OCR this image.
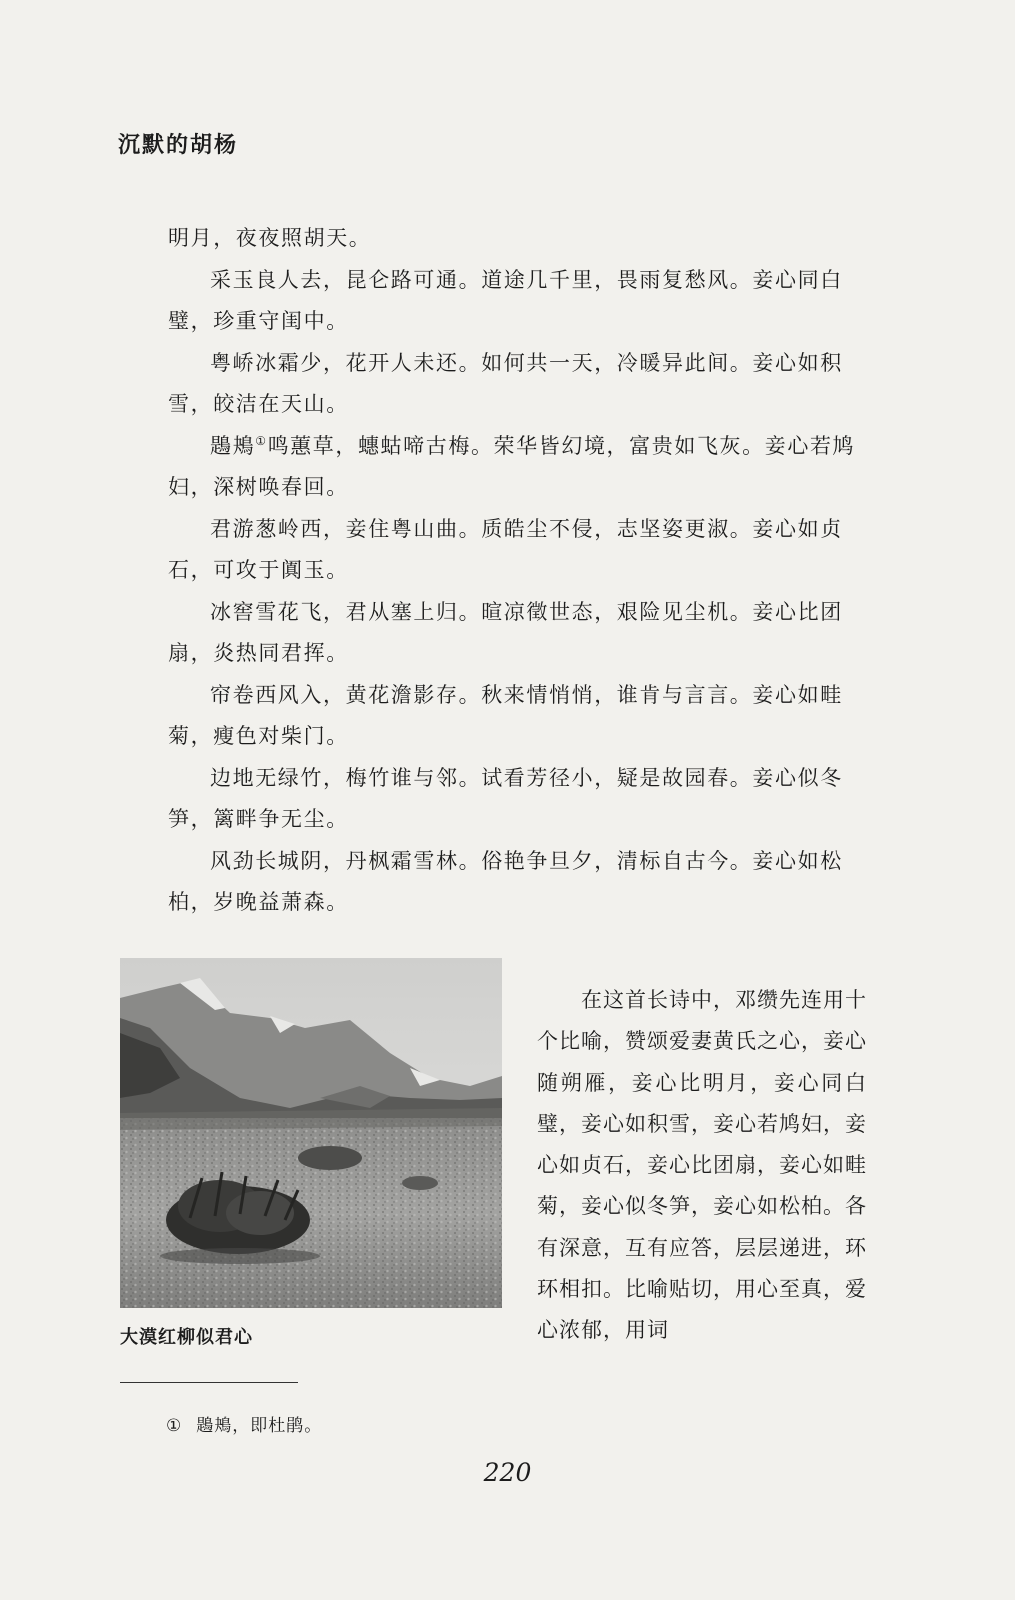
沉默的胡杨

明月，夜夜照胡天。

采玉良人去，昆仑路可通。道途几千里，畏雨复愁风。妾心同白璧，珍重守闺中。

粤峤冰霜少，花开人未还。如何共一天，冷暖异此间。妾心如积雪，皎洁在天山。

鶗鴂①鸣蕙草，蟪蛄啼古梅。荣华皆幻境，富贵如飞灰。妾心若鸠妇，深树唤春回。

君游葱岭西，妾住粤山曲。质皓尘不侵，志坚姿更淑。妾心如贞石，可攻于阗玉。

冰窖雪花飞，君从塞上归。暄凉徵世态，艰险见尘机。妾心比团扇，炎热同君挥。

帘卷西风入，黄花澹影存。秋来情悄悄，谁肯与言言。妾心如畦菊，瘦色对柴门。

边地无绿竹，梅竹谁与邻。试看芳径小，疑是故园春。妾心似冬笋，篱畔争无尘。

风劲长城阴，丹枫霜雪林。俗艳争旦夕，清标自古今。妾心如松柏，岁晚益萧森。

大漠红柳似君心

在这首长诗中，邓缵先连用十个比喻，赞颂爱妻黄氏之心，妾心随朔雁，妾心比明月，妾心同白璧，妾心如积雪，妾心若鸠妇，妾心如贞石，妾心比团扇，妾心如畦菊，妾心似冬笋，妾心如松柏。各有深意，互有应答，层层递进，环环相扣。比喻贴切，用心至真，爱心浓郁，用词

① 鶗鴂，即杜鹃。
220
